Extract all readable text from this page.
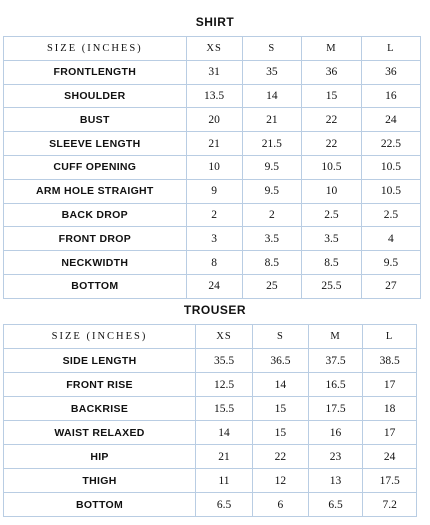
SHIRT
SIZE (INCHES)	XS	S	M	L
FRONTLENGTH	31	35	36	36
SHOULDER	13.5	14	15	16
BUST	20	21	22	24
SLEEVE LENGTH	21	21.5	22	22.5
CUFF OPENING	10	9.5	10.5	10.5
ARM HOLE STRAIGHT	9	9.5	10	10.5
BACK DROP	2	2	2.5	2.5
FRONT DROP	3	3.5	3.5	4
NECKWIDTH	8	8.5	8.5	9.5
BOTTOM	24	25	25.5	27
TROUSER
SIZE (INCHES)	XS	S	M	L
SIDE LENGTH	35.5	36.5	37.5	38.5
FRONT RISE	12.5	14	16.5	17
BACKRISE	15.5	15	17.5	18
WAIST RELAXED	14	15	16	17
HIP	21	22	23	24
THIGH	11	12	13	17.5
BOTTOM	6.5	6	6.5	7.2
